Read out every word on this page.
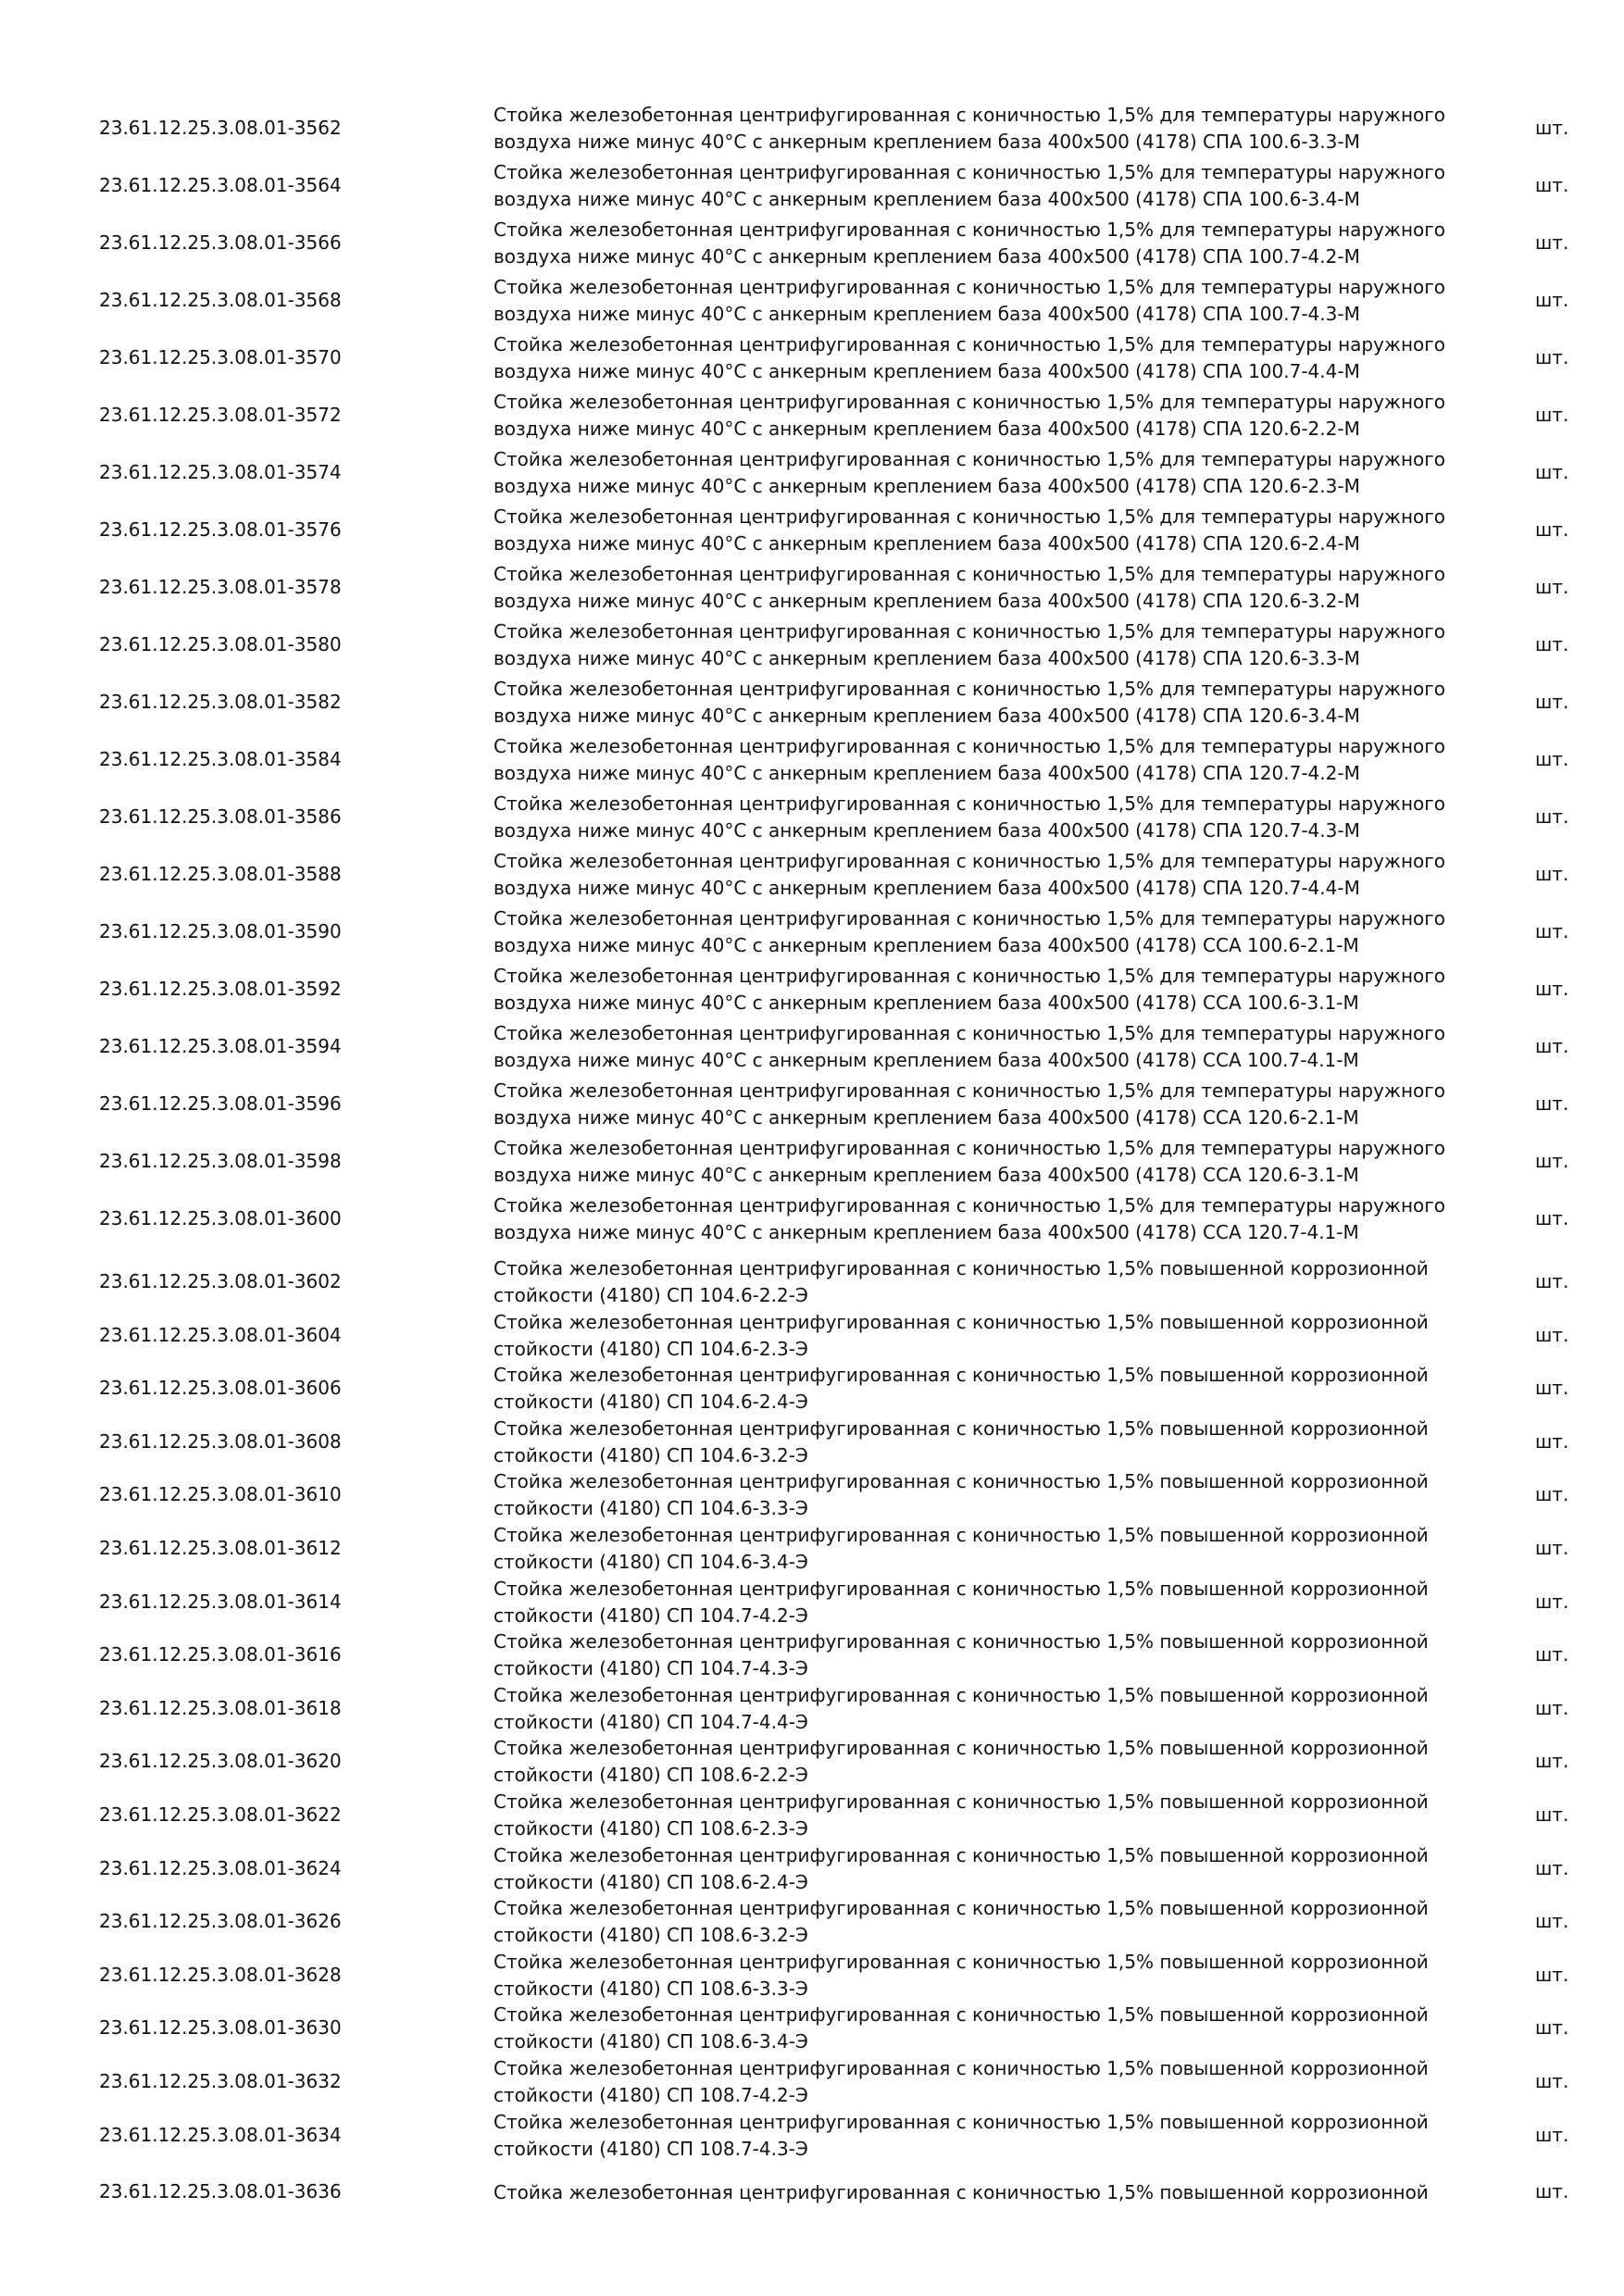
23.61.12.25.3.08.01-3562
Стойка железобетонная центрифугированная с коничностью 1,5% для температуры наружного
воздуха ниже минус 40°С с анкерным креплением база 400х500 (4178) СПА 100.6-3.3-М
шт.
23.61.12.25.3.08.01-3564
Стойка железобетонная центрифугированная с коничностью 1,5% для температуры наружного
воздуха ниже минус 40°С с анкерным креплением база 400х500 (4178) СПА 100.6-3.4-М
шт.
23.61.12.25.3.08.01-3566
Стойка железобетонная центрифугированная с коничностью 1,5% для температуры наружного
воздуха ниже минус 40°С с анкерным креплением база 400х500 (4178) СПА 100.7-4.2-М
шт.
23.61.12.25.3.08.01-3568
Стойка железобетонная центрифугированная с коничностью 1,5% для температуры наружного
воздуха ниже минус 40°С с анкерным креплением база 400х500 (4178) СПА 100.7-4.3-М
шт.
23.61.12.25.3.08.01-3570
Стойка железобетонная центрифугированная с коничностью 1,5% для температуры наружного
воздуха ниже минус 40°С с анкерным креплением база 400х500 (4178) СПА 100.7-4.4-М
шт.
23.61.12.25.3.08.01-3572
Стойка железобетонная центрифугированная с коничностью 1,5% для температуры наружного
воздуха ниже минус 40°С с анкерным креплением база 400х500 (4178) СПА 120.6-2.2-М
шт.
23.61.12.25.3.08.01-3574
Стойка железобетонная центрифугированная с коничностью 1,5% для температуры наружного
воздуха ниже минус 40°С с анкерным креплением база 400х500 (4178) СПА 120.6-2.3-М
шт.
23.61.12.25.3.08.01-3576
Стойка железобетонная центрифугированная с коничностью 1,5% для температуры наружного
воздуха ниже минус 40°С с анкерным креплением база 400х500 (4178) СПА 120.6-2.4-М
шт.
23.61.12.25.3.08.01-3578
Стойка железобетонная центрифугированная с коничностью 1,5% для температуры наружного
воздуха ниже минус 40°С с анкерным креплением база 400х500 (4178) СПА 120.6-3.2-М
шт.
23.61.12.25.3.08.01-3580
Стойка железобетонная центрифугированная с коничностью 1,5% для температуры наружного
воздуха ниже минус 40°С с анкерным креплением база 400х500 (4178) СПА 120.6-3.3-М
шт.
23.61.12.25.3.08.01-3582
Стойка железобетонная центрифугированная с коничностью 1,5% для температуры наружного
воздуха ниже минус 40°С с анкерным креплением база 400х500 (4178) СПА 120.6-3.4-М
шт.
23.61.12.25.3.08.01-3584
Стойка железобетонная центрифугированная с коничностью 1,5% для температуры наружного
воздуха ниже минус 40°С с анкерным креплением база 400х500 (4178) СПА 120.7-4.2-М
шт.
23.61.12.25.3.08.01-3586
Стойка железобетонная центрифугированная с коничностью 1,5% для температуры наружного
воздуха ниже минус 40°С с анкерным креплением база 400х500 (4178) СПА 120.7-4.3-М
шт.
23.61.12.25.3.08.01-3588
Стойка железобетонная центрифугированная с коничностью 1,5% для температуры наружного
воздуха ниже минус 40°С с анкерным креплением база 400х500 (4178) СПА 120.7-4.4-М
шт.
23.61.12.25.3.08.01-3590
Стойка железобетонная центрифугированная с коничностью 1,5% для температуры наружного
воздуха ниже минус 40°С с анкерным креплением база 400х500 (4178) ССА 100.6-2.1-М
шт.
23.61.12.25.3.08.01-3592
Стойка железобетонная центрифугированная с коничностью 1,5% для температуры наружного
воздуха ниже минус 40°С с анкерным креплением база 400х500 (4178) ССА 100.6-3.1-М
шт.
23.61.12.25.3.08.01-3594
Стойка железобетонная центрифугированная с коничностью 1,5% для температуры наружного
воздуха ниже минус 40°С с анкерным креплением база 400х500 (4178) ССА 100.7-4.1-М
шт.
23.61.12.25.3.08.01-3596
Стойка железобетонная центрифугированная с коничностью 1,5% для температуры наружного
воздуха ниже минус 40°С с анкерным креплением база 400х500 (4178) ССА 120.6-2.1-М
шт.
23.61.12.25.3.08.01-3598
Стойка железобетонная центрифугированная с коничностью 1,5% для температуры наружного
воздуха ниже минус 40°С с анкерным креплением база 400х500 (4178) ССА 120.6-3.1-М
шт.
23.61.12.25.3.08.01-3600
Стойка железобетонная центрифугированная с коничностью 1,5% для температуры наружного
воздуха ниже минус 40°С с анкерным креплением база 400х500 (4178) ССА 120.7-4.1-М
шт.
23.61.12.25.3.08.01-3602
Стойка железобетонная центрифугированная с коничностью 1,5% повышенной коррозионной
стойкости (4180) СП 104.6-2.2-Э
шт.
23.61.12.25.3.08.01-3604
Стойка железобетонная центрифугированная с коничностью 1,5% повышенной коррозионной
стойкости (4180) СП 104.6-2.3-Э
шт.
23.61.12.25.3.08.01-3606
Стойка железобетонная центрифугированная с коничностью 1,5% повышенной коррозионной
стойкости (4180) СП 104.6-2.4-Э
шт.
23.61.12.25.3.08.01-3608
Стойка железобетонная центрифугированная с коничностью 1,5% повышенной коррозионной
стойкости (4180) СП 104.6-3.2-Э
шт.
23.61.12.25.3.08.01-3610
Стойка железобетонная центрифугированная с коничностью 1,5% повышенной коррозионной
стойкости (4180) СП 104.6-3.3-Э
шт.
23.61.12.25.3.08.01-3612
Стойка железобетонная центрифугированная с коничностью 1,5% повышенной коррозионной
стойкости (4180) СП 104.6-3.4-Э
шт.
23.61.12.25.3.08.01-3614
Стойка железобетонная центрифугированная с коничностью 1,5% повышенной коррозионной
стойкости (4180) СП 104.7-4.2-Э
шт.
23.61.12.25.3.08.01-3616
Стойка железобетонная центрифугированная с коничностью 1,5% повышенной коррозионной
стойкости (4180) СП 104.7-4.3-Э
шт.
23.61.12.25.3.08.01-3618
Стойка железобетонная центрифугированная с коничностью 1,5% повышенной коррозионной
стойкости (4180) СП 104.7-4.4-Э
шт.
23.61.12.25.3.08.01-3620
Стойка железобетонная центрифугированная с коничностью 1,5% повышенной коррозионной
стойкости (4180) СП 108.6-2.2-Э
шт.
23.61.12.25.3.08.01-3622
Стойка железобетонная центрифугированная с коничностью 1,5% повышенной коррозионной
стойкости (4180) СП 108.6-2.3-Э
шт.
23.61.12.25.3.08.01-3624
Стойка железобетонная центрифугированная с коничностью 1,5% повышенной коррозионной
стойкости (4180) СП 108.6-2.4-Э
шт.
23.61.12.25.3.08.01-3626
Стойка железобетонная центрифугированная с коничностью 1,5% повышенной коррозионной
стойкости (4180) СП 108.6-3.2-Э
шт.
23.61.12.25.3.08.01-3628
Стойка железобетонная центрифугированная с коничностью 1,5% повышенной коррозионной
стойкости (4180) СП 108.6-3.3-Э
шт.
23.61.12.25.3.08.01-3630
Стойка железобетонная центрифугированная с коничностью 1,5% повышенной коррозионной
стойкости (4180) СП 108.6-3.4-Э
шт.
23.61.12.25.3.08.01-3632
Стойка железобетонная центрифугированная с коничностью 1,5% повышенной коррозионной
стойкости (4180) СП 108.7-4.2-Э
шт.
23.61.12.25.3.08.01-3634
Стойка железобетонная центрифугированная с коничностью 1,5% повышенной коррозионной
стойкости (4180) СП 108.7-4.3-Э
шт.
23.61.12.25.3.08.01-3636	Стойка железобетонная центрифугированная с коничностью 1,5% повышенной коррозионной	шт.
